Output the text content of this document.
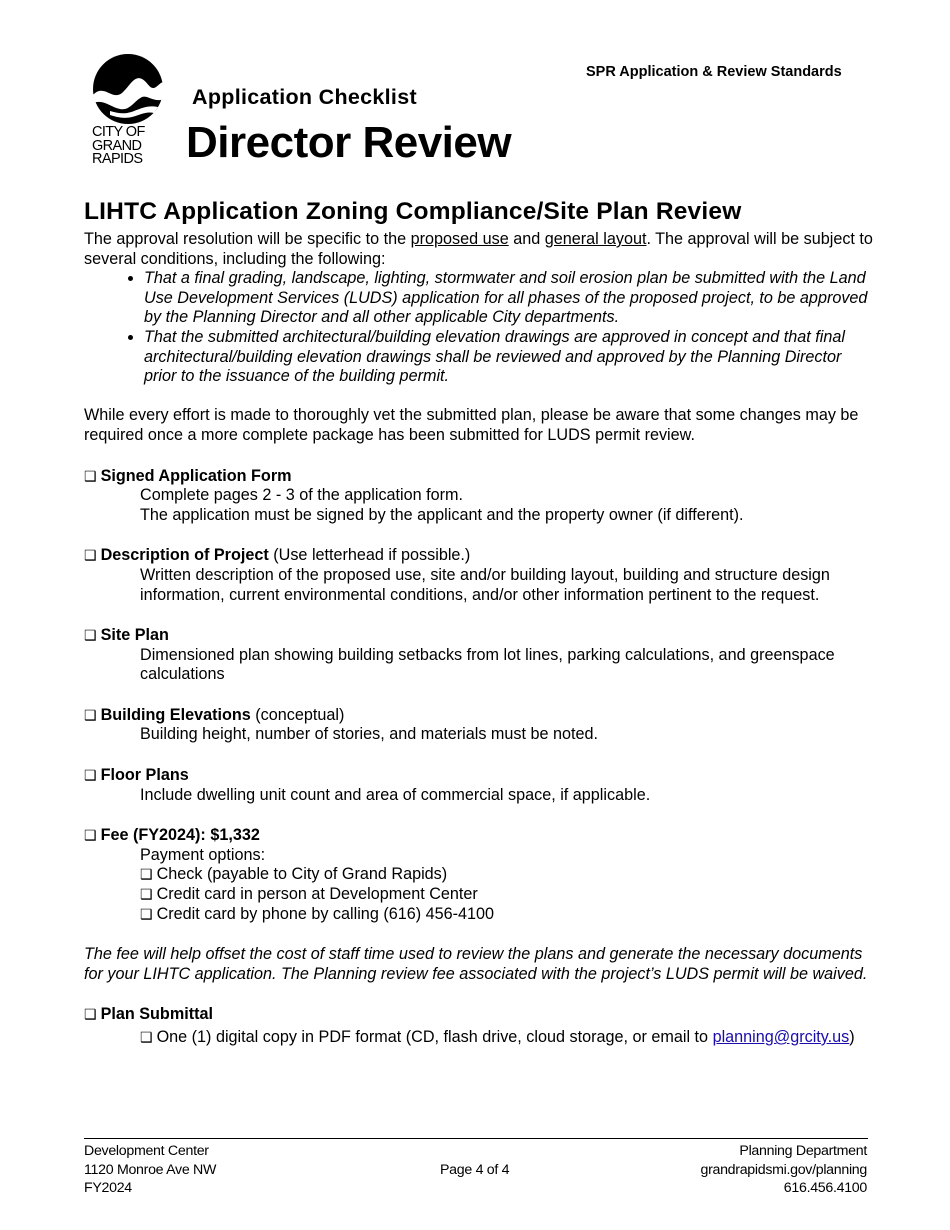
CITY OF
GRAND
RAPIDS
SPR Application & Review Standards
Application Checklist
Director Review
LIHTC Application Zoning Compliance/Site Plan Review

The approval resolution will be specific to the proposed use and general layout. The approval will be subject to several conditions, including the following:

• That a final grading, landscape, lighting, stormwater and soil erosion plan be submitted with the Land Use Development Services (LUDS) application for all phases of the proposed project, to be approved by the Planning Director and all other applicable City departments.
• That the submitted architectural/building elevation drawings are approved in concept and that final architectural/building elevation drawings shall be reviewed and approved by the Planning Director prior to the issuance of the building permit.

While every effort is made to thoroughly vet the submitted plan, please be aware that some changes may be required once a more complete package has been submitted for LUDS permit review.

❑ Signed Application Form
Complete pages 2 - 3 of the application form.
The application must be signed by the applicant and the property owner (if different).
❑ Description of Project (Use letterhead if possible.)
Written description of the proposed use, site and/or building layout, building and structure design information, current environmental conditions, and/or other information pertinent to the request.
❑ Site Plan
Dimensioned plan showing building setbacks from lot lines, parking calculations, and greenspace calculations
❑ Building Elevations (conceptual)
Building height, number of stories, and materials must be noted.
❑ Floor Plans
Include dwelling unit count and area of commercial space, if applicable.
❑ Fee (FY2024): $1,332
Payment options:
❑ Check (payable to City of Grand Rapids)
❑ Credit card in person at Development Center
❑ Credit card by phone by calling (616) 456-4100

The fee will help offset the cost of staff time used to review the plans and generate the necessary documents for your LIHTC application. The Planning review fee associated with the project’s LUDS permit will be waived.

❑ Plan Submittal
❑ One (1) digital copy in PDF format (CD, flash drive, cloud storage, or email to planning@grcity.us)
Development Center
1120 Monroe Ave NW
FY2024
Page 4 of 4
Planning Department
grandrapidsmi.gov/planning
616.456.4100
